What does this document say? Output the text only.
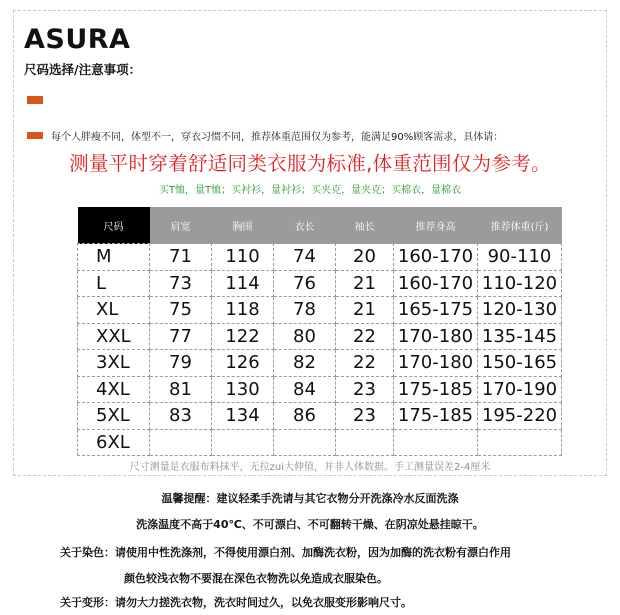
ASURA
尺码选择/注意事项：
每个人胖瘦不同，体型不一，穿衣习惯不同，推荐体重范围仅为参考，能满足90%顾客需求，具体请：
测量平时穿着舒适同类衣服为标准,体重范围仅为参考。
买T恤，量T恤；买衬衫，量衬衫；买夹克，量夹克；买棉衣，量棉衣
尺码	肩宽	胸围	衣长	袖长	推荐身高	推荐体重(斤)
M	71	110	74	20	160-170	90-110
L	73	114	76	21	160-170	110-120
XL	75	118	78	21	165-175	120-130
XXL	77	122	80	22	170-180	135-145
3XL	79	126	82	22	170-180	150-165
4XL	81	130	84	23	175-185	170-190
5XL	83	134	86	23	175-185	195-220
6XL						
尺寸测量是衣服布料抹平，无拉zui大伸值，并非人体数据。手工测量误差2-4厘米
温馨提醒：建议轻柔手洗请与其它衣物分开洗涤冷水反面洗涤
洗涤温度不高于40℃、不可漂白、不可翻转干燥、在阴凉处悬挂晾干。
关于染色：请使用中性洗涤剂，不得使用漂白剂、加酶洗衣粉，因为加酶的洗衣粉有漂白作用
颜色较浅衣物不要混在深色衣物洗以免造成衣服染色。
关于变形：请勿大力搓洗衣物，洗衣时间过久，以免衣服变形影响尺寸。
